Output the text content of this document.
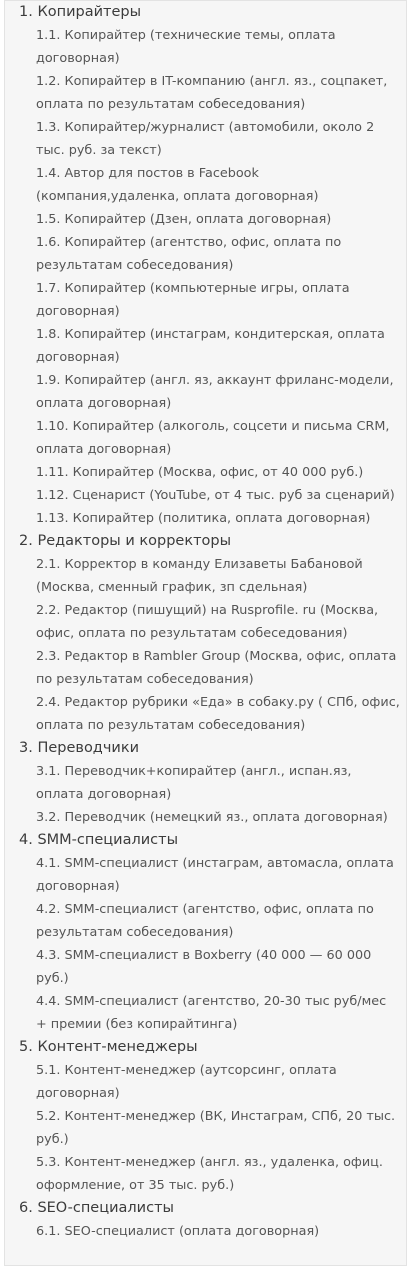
1. Копирайтеры
1.1. Копирайтер (технические темы, оплата договорная)
1.2. Копирайтер в IT-компанию (англ. яз., соцпакет, оплата по результатам собеседования)
1.3. Копирайтер/журналист (автомобили, около 2 тыс. руб. за текст)
1.4. Автор для постов в Facebook (компания,удаленка, оплата договорная)
1.5. Копирайтер (Дзен, оплата договорная)
1.6. Копирайтер (агентство, офис, оплата по результатам собеседования)
1.7. Копирайтер (компьютерные игры, оплата договорная)
1.8. Копирайтер (инстаграм, кондитерская, оплата договорная)
1.9. Копирайтер (англ. яз, аккаунт фриланс-модели, оплата договорная)
1.10. Копирайтер (алкоголь, соцсети и письма CRM, оплата договорная)
1.11. Копирайтер (Москва, офис, от 40 000 руб.)
1.12. Сценарист (YouTube, от 4 тыс. руб за сценарий)
1.13. Копирайтер (политика, оплата договорная)
2. Редакторы и корректоры
2.1. Корректор в команду Елизаветы Бабановой (Москва, сменный график, зп сдельная)
2.2. Редактор (пишущий) на Rusprofile. ru (Москва, офис, оплата по результатам собеседования)
2.3. Редактор в Rambler Group (Москва, офис, оплата по результатам собеседования)
2.4. Редактор рубрики «Еда» в собаку.ру ( СПб, офис, оплата по результатам собеседования)
3. Переводчики
3.1. Переводчик+копирайтер (англ., испан.яз, оплата договорная)
3.2. Переводчик (немецкий яз., оплата договорная)
4. SMM-специалисты
4.1. SMM-специалист (инстаграм, автомасла, оплата договорная)
4.2. SMM-специалист (агентство, офис, оплата по результатам собеседования)
4.3. SMM-специалист в Boxberry (40 000 — 60 000 руб.)
4.4. SMM-специалист (агентство, 20-30 тыс руб/мес + премии (без копирайтинга)
5. Контент-менеджеры
5.1. Контент-менеджер (аутсорсинг, оплата договорная)
5.2. Контент-менеджер (ВК, Инстаграм, СПб, 20 тыс. руб.)
5.3. Контент-менеджер (англ. яз., удаленка, офиц. оформление, от 35 тыс. руб.)
6. SEO-специалисты
6.1. SEO-специалист (оплата договорная)
